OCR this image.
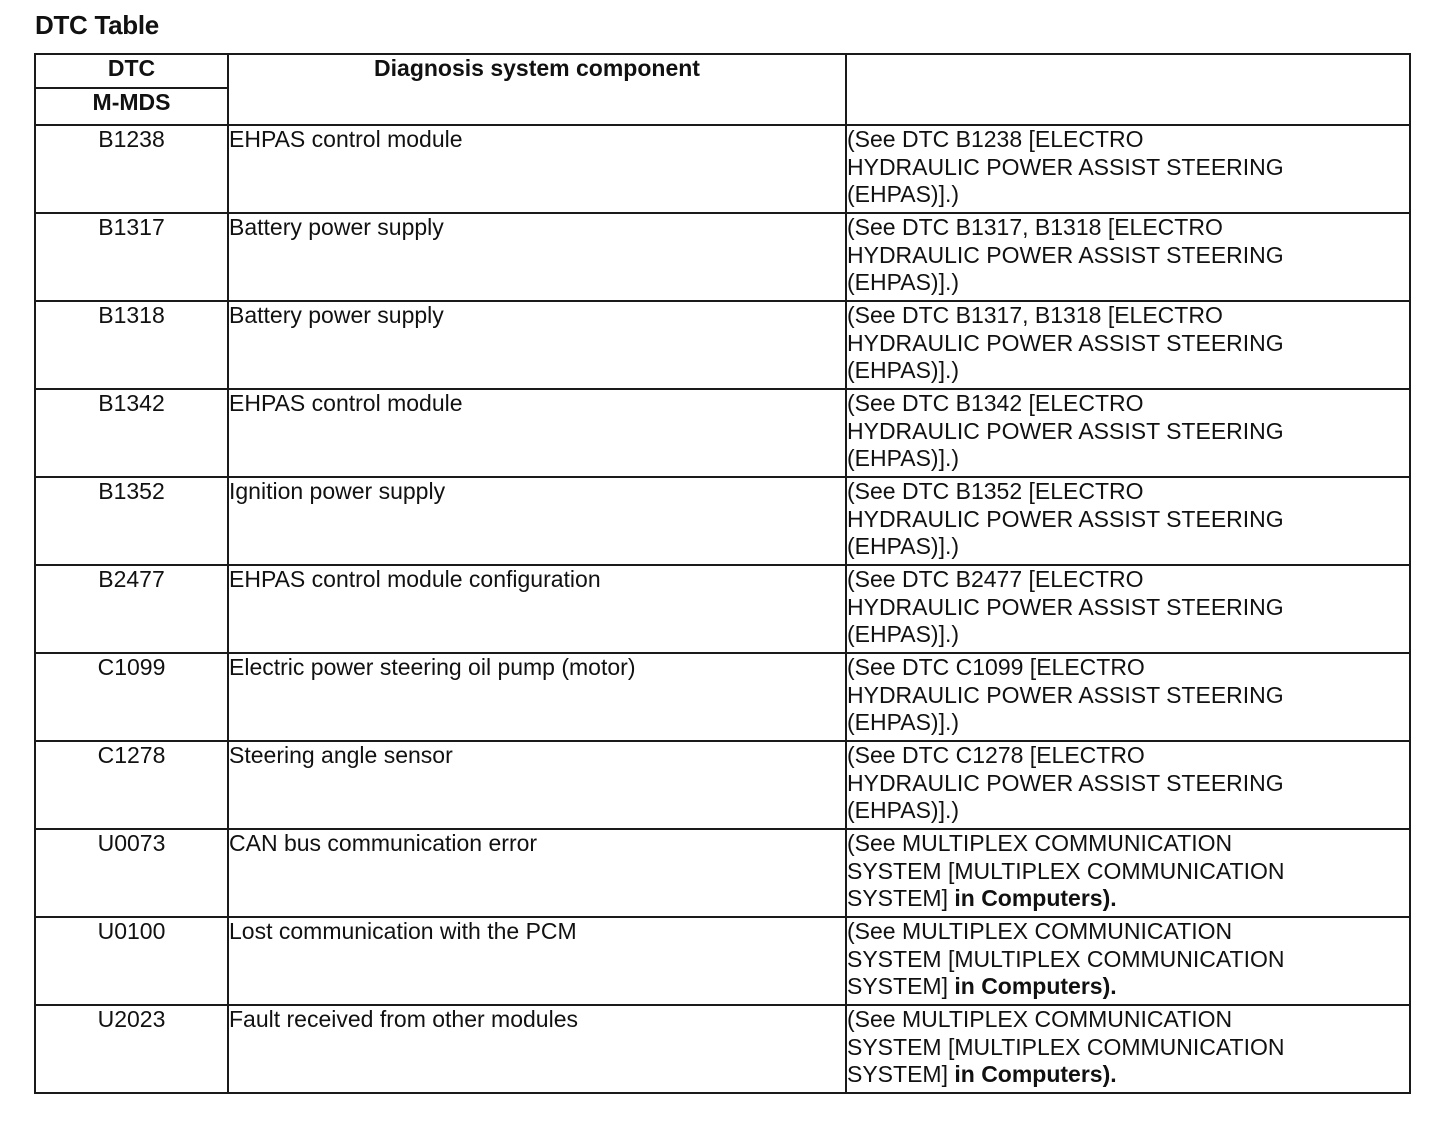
DTC Table
DTC	Diagnosis system component	
M-MDS		
B1238	EHPAS control module	(See DTC B1238 [ELECTRO
HYDRAULIC POWER ASSIST STEERING
(EHPAS)].)

B1317	Battery power supply	(See DTC B1317, B1318 [ELECTRO
HYDRAULIC POWER ASSIST STEERING
(EHPAS)].)

B1318	Battery power supply	(See DTC B1317, B1318 [ELECTRO
HYDRAULIC POWER ASSIST STEERING
(EHPAS)].)

B1342	EHPAS control module	(See DTC B1342 [ELECTRO
HYDRAULIC POWER ASSIST STEERING
(EHPAS)].)

B1352	Ignition power supply	(See DTC B1352 [ELECTRO
HYDRAULIC POWER ASSIST STEERING
(EHPAS)].)

B2477	EHPAS control module configuration	(See DTC B2477 [ELECTRO
HYDRAULIC POWER ASSIST STEERING
(EHPAS)].)

C1099	Electric power steering oil pump (motor)	(See DTC C1099 [ELECTRO
HYDRAULIC POWER ASSIST STEERING
(EHPAS)].)

C1278	Steering angle sensor	(See DTC C1278 [ELECTRO
HYDRAULIC POWER ASSIST STEERING
(EHPAS)].)

U0073	CAN bus communication error	(See MULTIPLEX COMMUNICATION
SYSTEM [MULTIPLEX COMMUNICATION
SYSTEM] in Computers).

U0100	Lost communication with the PCM	(See MULTIPLEX COMMUNICATION
SYSTEM [MULTIPLEX COMMUNICATION
SYSTEM] in Computers).

U2023	Fault received from other modules	(See MULTIPLEX COMMUNICATION
SYSTEM [MULTIPLEX COMMUNICATION
SYSTEM] in Computers).
